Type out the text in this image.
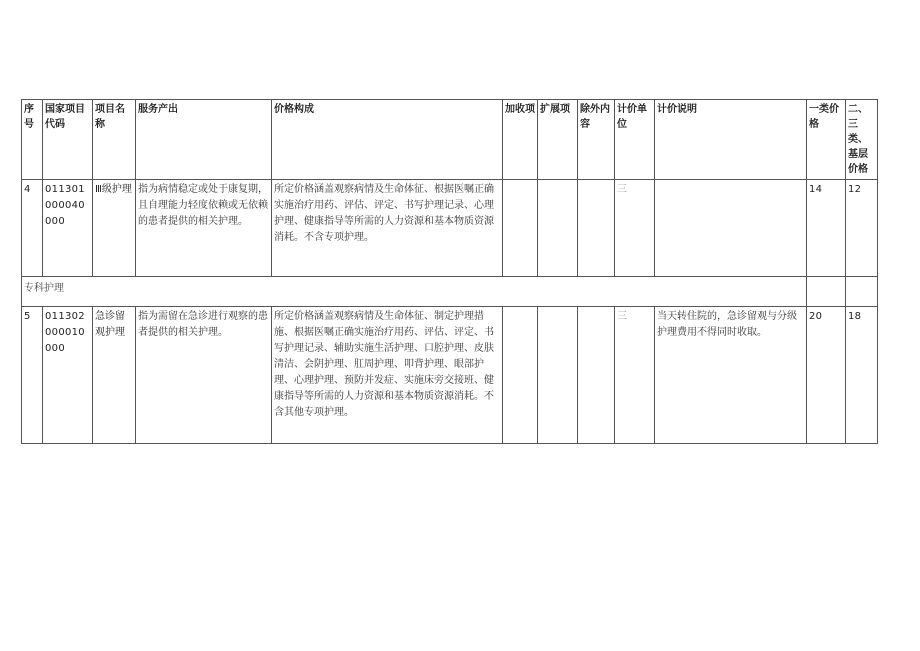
序号	国家项目代码	项目名称	服务产出	价格构成	加收项	扩展项	除外内容	计价单位	计价说明	一类价格	二、三类、基层价格
4	011301000040000	Ⅲ级护理	指为病情稳定或处于康复期，且自理能力轻度依赖或无依赖的患者提供的相关护理。	所定价格涵盖观察病情及生命体征、根据医嘱正确实施治疗用药、评估、评定、书写护理记录、心理护理、健康指导等所需的人力资源和基本物质资源消耗。不含专项护理。				三		14	12
专科护理											
5	011302000010000	急诊留观护理	指为需留在急诊进行观察的患者提供的相关护理。	所定价格涵盖观察病情及生命体征、制定护理措施、根据医嘱正确实施治疗用药、评估、评定、书写护理记录、辅助实施生活护理、口腔护理、皮肤清洁、会阴护理、肛周护理、叩背护理、眼部护理、心理护理、预防并发症、实施床旁交接班、健康指导等所需的人力资源和基本物质资源消耗。不含其他专项护理。				三	当天转住院的，急诊留观与分级护理费用不得同时收取。	20	18
